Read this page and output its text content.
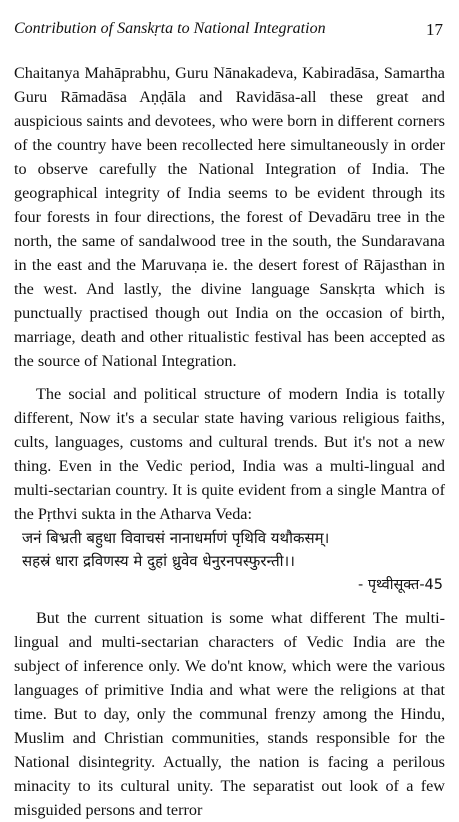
Contribution of Sanskṛta to National Integration	17

Chaitanya Mahāprabhu, Guru Nānakadeva, Kabiradāsa, Samartha Guru Rāmadāsa Aṇḍāla and Ravidāsa-all these great and auspicious saints and devotees, who were born in different corners of the country have been recollected here simultaneously in order to observe carefully the National Integration of India. The geographical integrity of India seems to be evident through its four forests in four directions, the forest of Devadāru tree in the north, the same of sandalwood tree in the south, the Sundaravana in the east and the Maruvaṇa ie. the desert forest of Rājasthan in the west. And lastly, the divine language Sanskṛta which is punctually practised though out India on the occasion of birth, marriage, death and other ritualistic festival has been accepted as the source of National Integration.

The social and political structure of modern India is totally different, Now it's a secular state having various religious faiths, cults, languages, customs and cultural trends. But it's not a new thing. Even in the Vedic period, India was a multi-lingual and multi-sectarian country. It is quite evident from a single Mantra of the Pṛthvi sukta in the Atharva Veda:

जनं बिभ्रती बहुधा विवाचसं नानाधर्माणं पृथिवि यथौकसम्।
सहस्रं धारा द्रविणस्य मे दुहां ध्रुवेव धेनुरनपस्फुरन्ती।।
- पृथ्वीसूक्त-45

But the current situation is some what different The multi-lingual and multi-sectarian characters of Vedic India are the subject of inference only. We do'nt know, which were the various languages of primitive India and what were the religions at that time. But to day, only the communal frenzy among the Hindu, Muslim and Christian communities, stands responsible for the National disintegrity. Actually, the nation is facing a perilous minacity to its cultural unity. The separatist out look of a few misguided persons and terror
